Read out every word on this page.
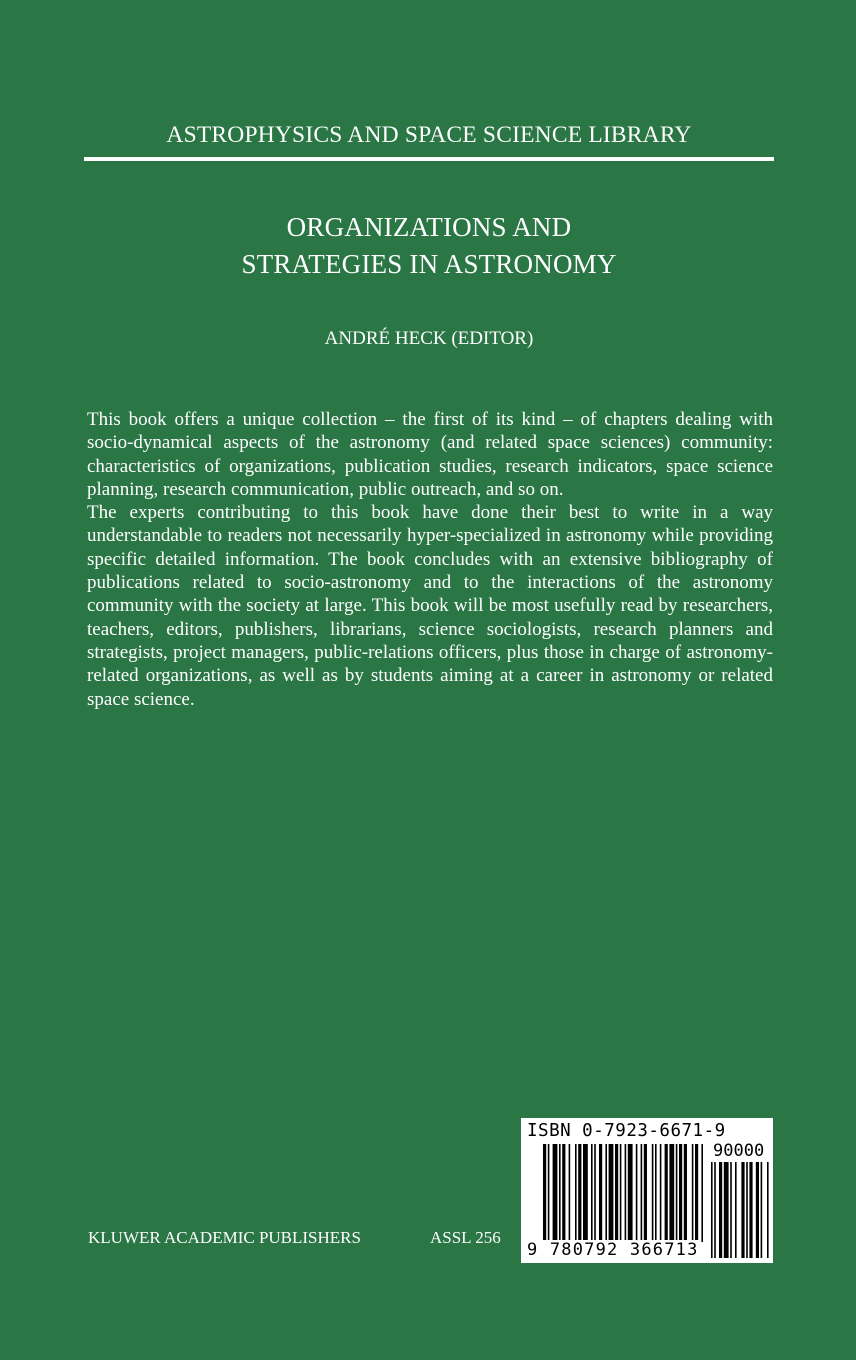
ASTROPHYSICS AND SPACE SCIENCE LIBRARY
ORGANIZATIONS AND
STRATEGIES IN ASTRONOMY
ANDRÉ HECK (EDITOR)

This book offers a unique collection – the first of its kind – of chapters dealing with socio-dynamical aspects of the astronomy (and related space sciences) community: characteristics of organizations, publication studies, research indicators, space science planning, research communication, public outreach, and so on.

The experts contributing to this book have done their best to write in a way understandable to readers not necessarily hyper-specialized in astronomy while providing specific detailed information. The book concludes with an extensive bibliography of publications related to socio-astronomy and to the interactions of the astronomy community with the society at large. This book will be most usefully read by researchers, teachers, editors, publishers, librarians, science sociologists, research planners and strategists, project managers, public-relations officers, plus those in charge of astronomy-related organizations, as well as by students aiming at a career in astronomy or related space science.

KLUWER ACADEMIC PUBLISHERS	ASSL 256
ISBN 0-7923-6671-9
90000
9 780792 366713
